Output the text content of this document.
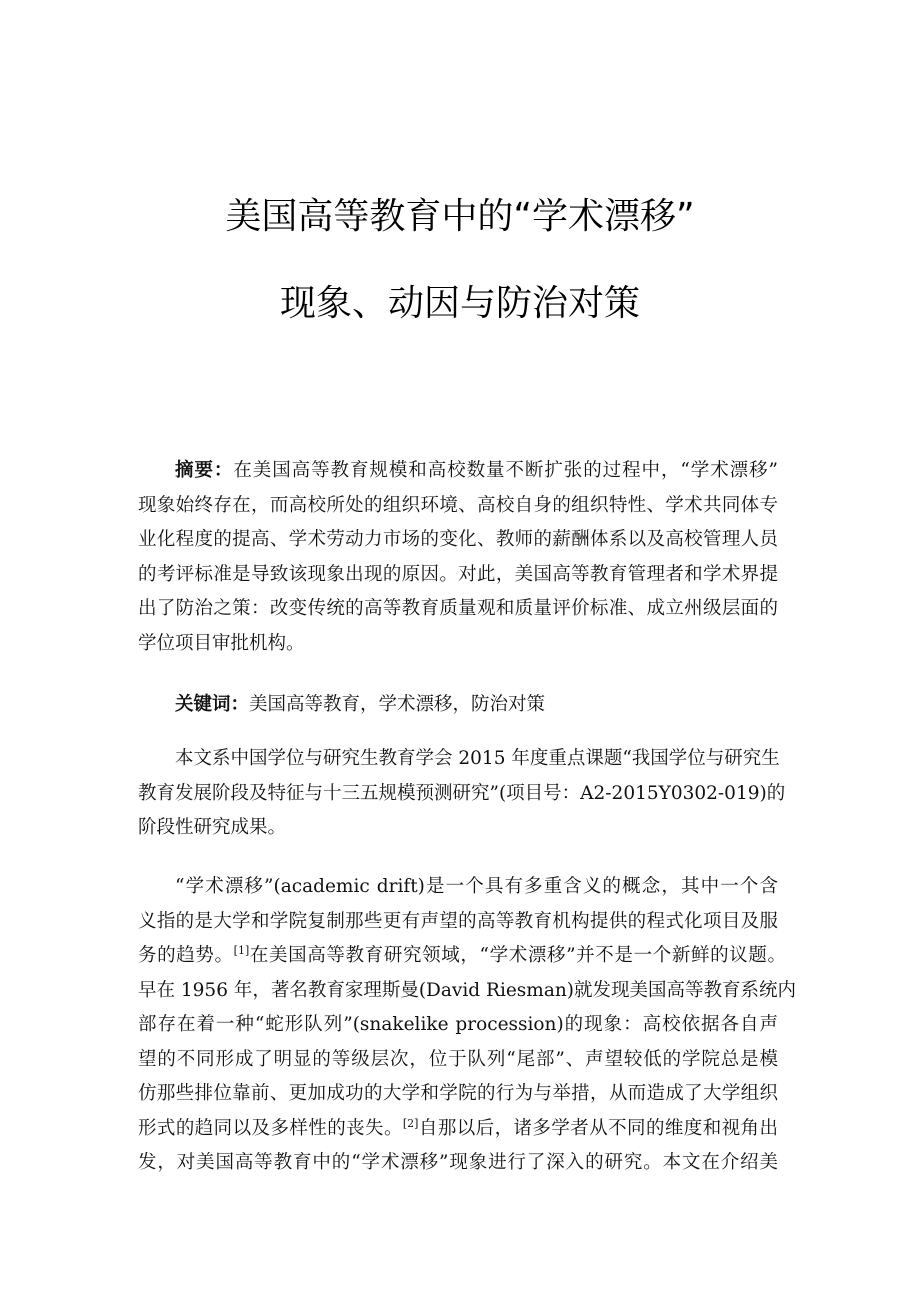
美国高等教育中的“学术漂移”
现象、动因与防治对策
摘要：在美国高等教育规模和高校数量不断扩张的过程中，“学术漂移”
现象始终存在，而高校所处的组织环境、高校自身的组织特性、学术共同体专
业化程度的提高、学术劳动力市场的变化、教师的薪酬体系以及高校管理人员
的考评标准是导致该现象出现的原因。对此，美国高等教育管理者和学术界提
出了防治之策：改变传统的高等教育质量观和质量评价标准、成立州级层面的
学位项目审批机构。
关键词：美国高等教育，学术漂移，防治对策
本文系中国学位与研究生教育学会 2015 年度重点课题“我国学位与研究生
教育发展阶段及特征与十三五规模预测研究”(项目号：A2-2015Y0302-019)的
阶段性研究成果。
“学术漂移”(academic drift)是一个具有多重含义的概念，其中一个含
义指的是大学和学院复制那些更有声望的高等教育机构提供的程式化项目及服
务的趋势。[1]在美国高等教育研究领域，“学术漂移”并不是一个新鲜的议题。
早在 1956 年，著名教育家理斯曼(David Riesman)就发现美国高等教育系统内
部存在着一种“蛇形队列”(snakelike procession)的现象：高校依据各自声
望的不同形成了明显的等级层次，位于队列“尾部”、声望较低的学院总是模
仿那些排位靠前、更加成功的大学和学院的行为与举措，从而造成了大学组织
形式的趋同以及多样性的丧失。[2]自那以后，诸多学者从不同的维度和视角出
发，对美国高等教育中的“学术漂移”现象进行了深入的研究。本文在介绍美
